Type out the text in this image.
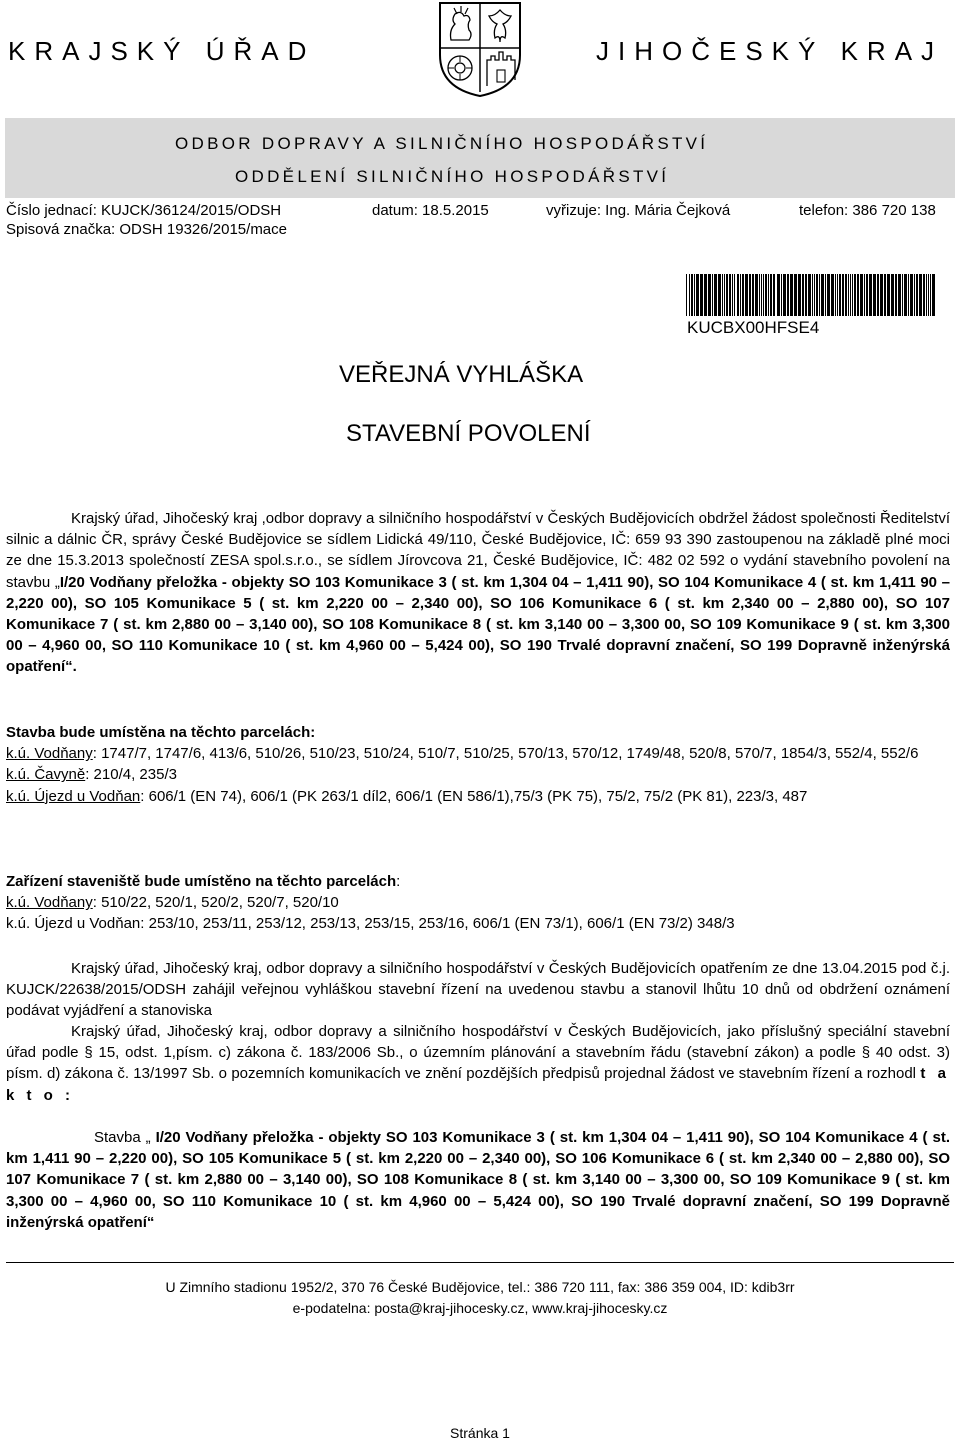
KRAJSKÝ ÚŘAD	JIHOČESKÝ KRAJ
ODBOR DOPRAVY A SILNIČNÍHO HOSPODÁŘSTVÍ
ODDĚLENÍ SILNIČNÍHO HOSPODÁŘSTVÍ
Číslo jednací: KUJCK/36124/2015/ODSH
Spisová značka: ODSH 19326/2015/mace
datum: 18.5.2015	vyřizuje: Ing. Mária Čejková	telefon: 386 720 138
KUCBX00HFSE4
VEŘEJNÁ VYHLÁŠKA
STAVEBNÍ POVOLENÍ
Krajský úřad, Jihočeský kraj ,odbor dopravy a silničního hospodářství v Českých Budějovicích obdržel žádost společnosti Ředitelství silnic a dálnic ČR, správy České Budějovice se sídlem Lidická 49/110, České Budějovice, IČ: 659 93 390 zastoupenou na základě plné moci ze dne 15.3.2013 společností ZESA spol.s.r.o., se sídlem Jírovcova 21, České Budějovice, IČ: 482 02 592 o vydání stavebního povolení na stavbu „I/20 Vodňany přeložka - objekty SO 103 Komunikace 3 ( st. km 1,304 04 – 1,411 90), SO 104 Komunikace 4 ( st. km 1,411 90 – 2,220 00), SO 105 Komunikace 5 ( st. km 2,220 00 – 2,340 00), SO 106 Komunikace 6 ( st. km 2,340 00 – 2,880 00), SO 107 Komunikace 7 ( st. km 2,880 00 – 3,140 00), SO 108 Komunikace 8 ( st. km 3,140 00 – 3,300 00, SO 109 Komunikace 9 ( st. km 3,300 00 – 4,960 00, SO 110 Komunikace 10 ( st. km 4,960 00 – 5,424 00), SO 190 Trvalé dopravní značení, SO 199 Dopravně inženýrská opatření“.
Stavba bude umístěna na těchto parcelách:
k.ú. Vodňany: 1747/7, 1747/6, 413/6, 510/26, 510/23, 510/24, 510/7, 510/25, 570/13, 570/12, 1749/48, 520/8, 570/7, 1854/3, 552/4, 552/6
k.ú. Čavyně: 210/4, 235/3
k.ú. Újezd u Vodňan: 606/1 (EN 74), 606/1 (PK 263/1 díl2, 606/1 (EN 586/1),75/3 (PK 75), 75/2, 75/2 (PK 81), 223/3, 487
Zařízení staveniště bude umístěno na těchto parcelách:
k.ú. Vodňany: 510/22, 520/1, 520/2, 520/7, 520/10
k.ú. Újezd u Vodňan: 253/10, 253/11, 253/12, 253/13, 253/15, 253/16, 606/1 (EN 73/1), 606/1 (EN 73/2) 348/3
Krajský úřad, Jihočeský kraj, odbor dopravy a silničního hospodářství v Českých Budějovicích opatřením ze dne 13.04.2015 pod č.j. KUJCK/22638/2015/ODSH zahájil veřejnou vyhláškou stavební řízení na uvedenou stavbu a stanovil lhůtu 10 dnů od obdržení oznámení podávat vyjádření a stanoviska
Krajský úřad, Jihočeský kraj, odbor dopravy a silničního hospodářství v Českých Budějovicích, jako příslušný speciální stavební úřad podle § 15, odst. 1,písm. c) zákona č. 183/2006 Sb., o územním plánování a stavebním řádu (stavební zákon) a podle § 40 odst. 3) písm. d) zákona č. 13/1997 Sb. o pozemních komunikacích ve znění pozdějších předpisů projednal žádost ve stavebním řízení a rozhodl t a k t o :
Stavba „ I/20 Vodňany přeložka - objekty SO 103 Komunikace 3 ( st. km 1,304 04 – 1,411 90), SO 104 Komunikace 4 ( st. km 1,411 90 – 2,220 00), SO 105 Komunikace 5 ( st. km 2,220 00 – 2,340 00), SO 106 Komunikace 6 ( st. km 2,340 00 – 2,880 00), SO 107 Komunikace 7 ( st. km 2,880 00 – 3,140 00), SO 108 Komunikace 8 ( st. km 3,140 00 – 3,300 00, SO 109 Komunikace 9 ( st. km 3,300 00 – 4,960 00, SO 110 Komunikace 10 ( st. km 4,960 00 – 5,424 00), SO 190 Trvalé dopravní značení, SO 199 Dopravně inženýrská opatření“
U Zimního stadionu 1952/2, 370 76 České Budějovice, tel.: 386 720 111, fax: 386 359 004, ID: kdib3rr
e-podatelna: posta@kraj-jihocesky.cz, www.kraj-jihocesky.cz
Stránka 1
